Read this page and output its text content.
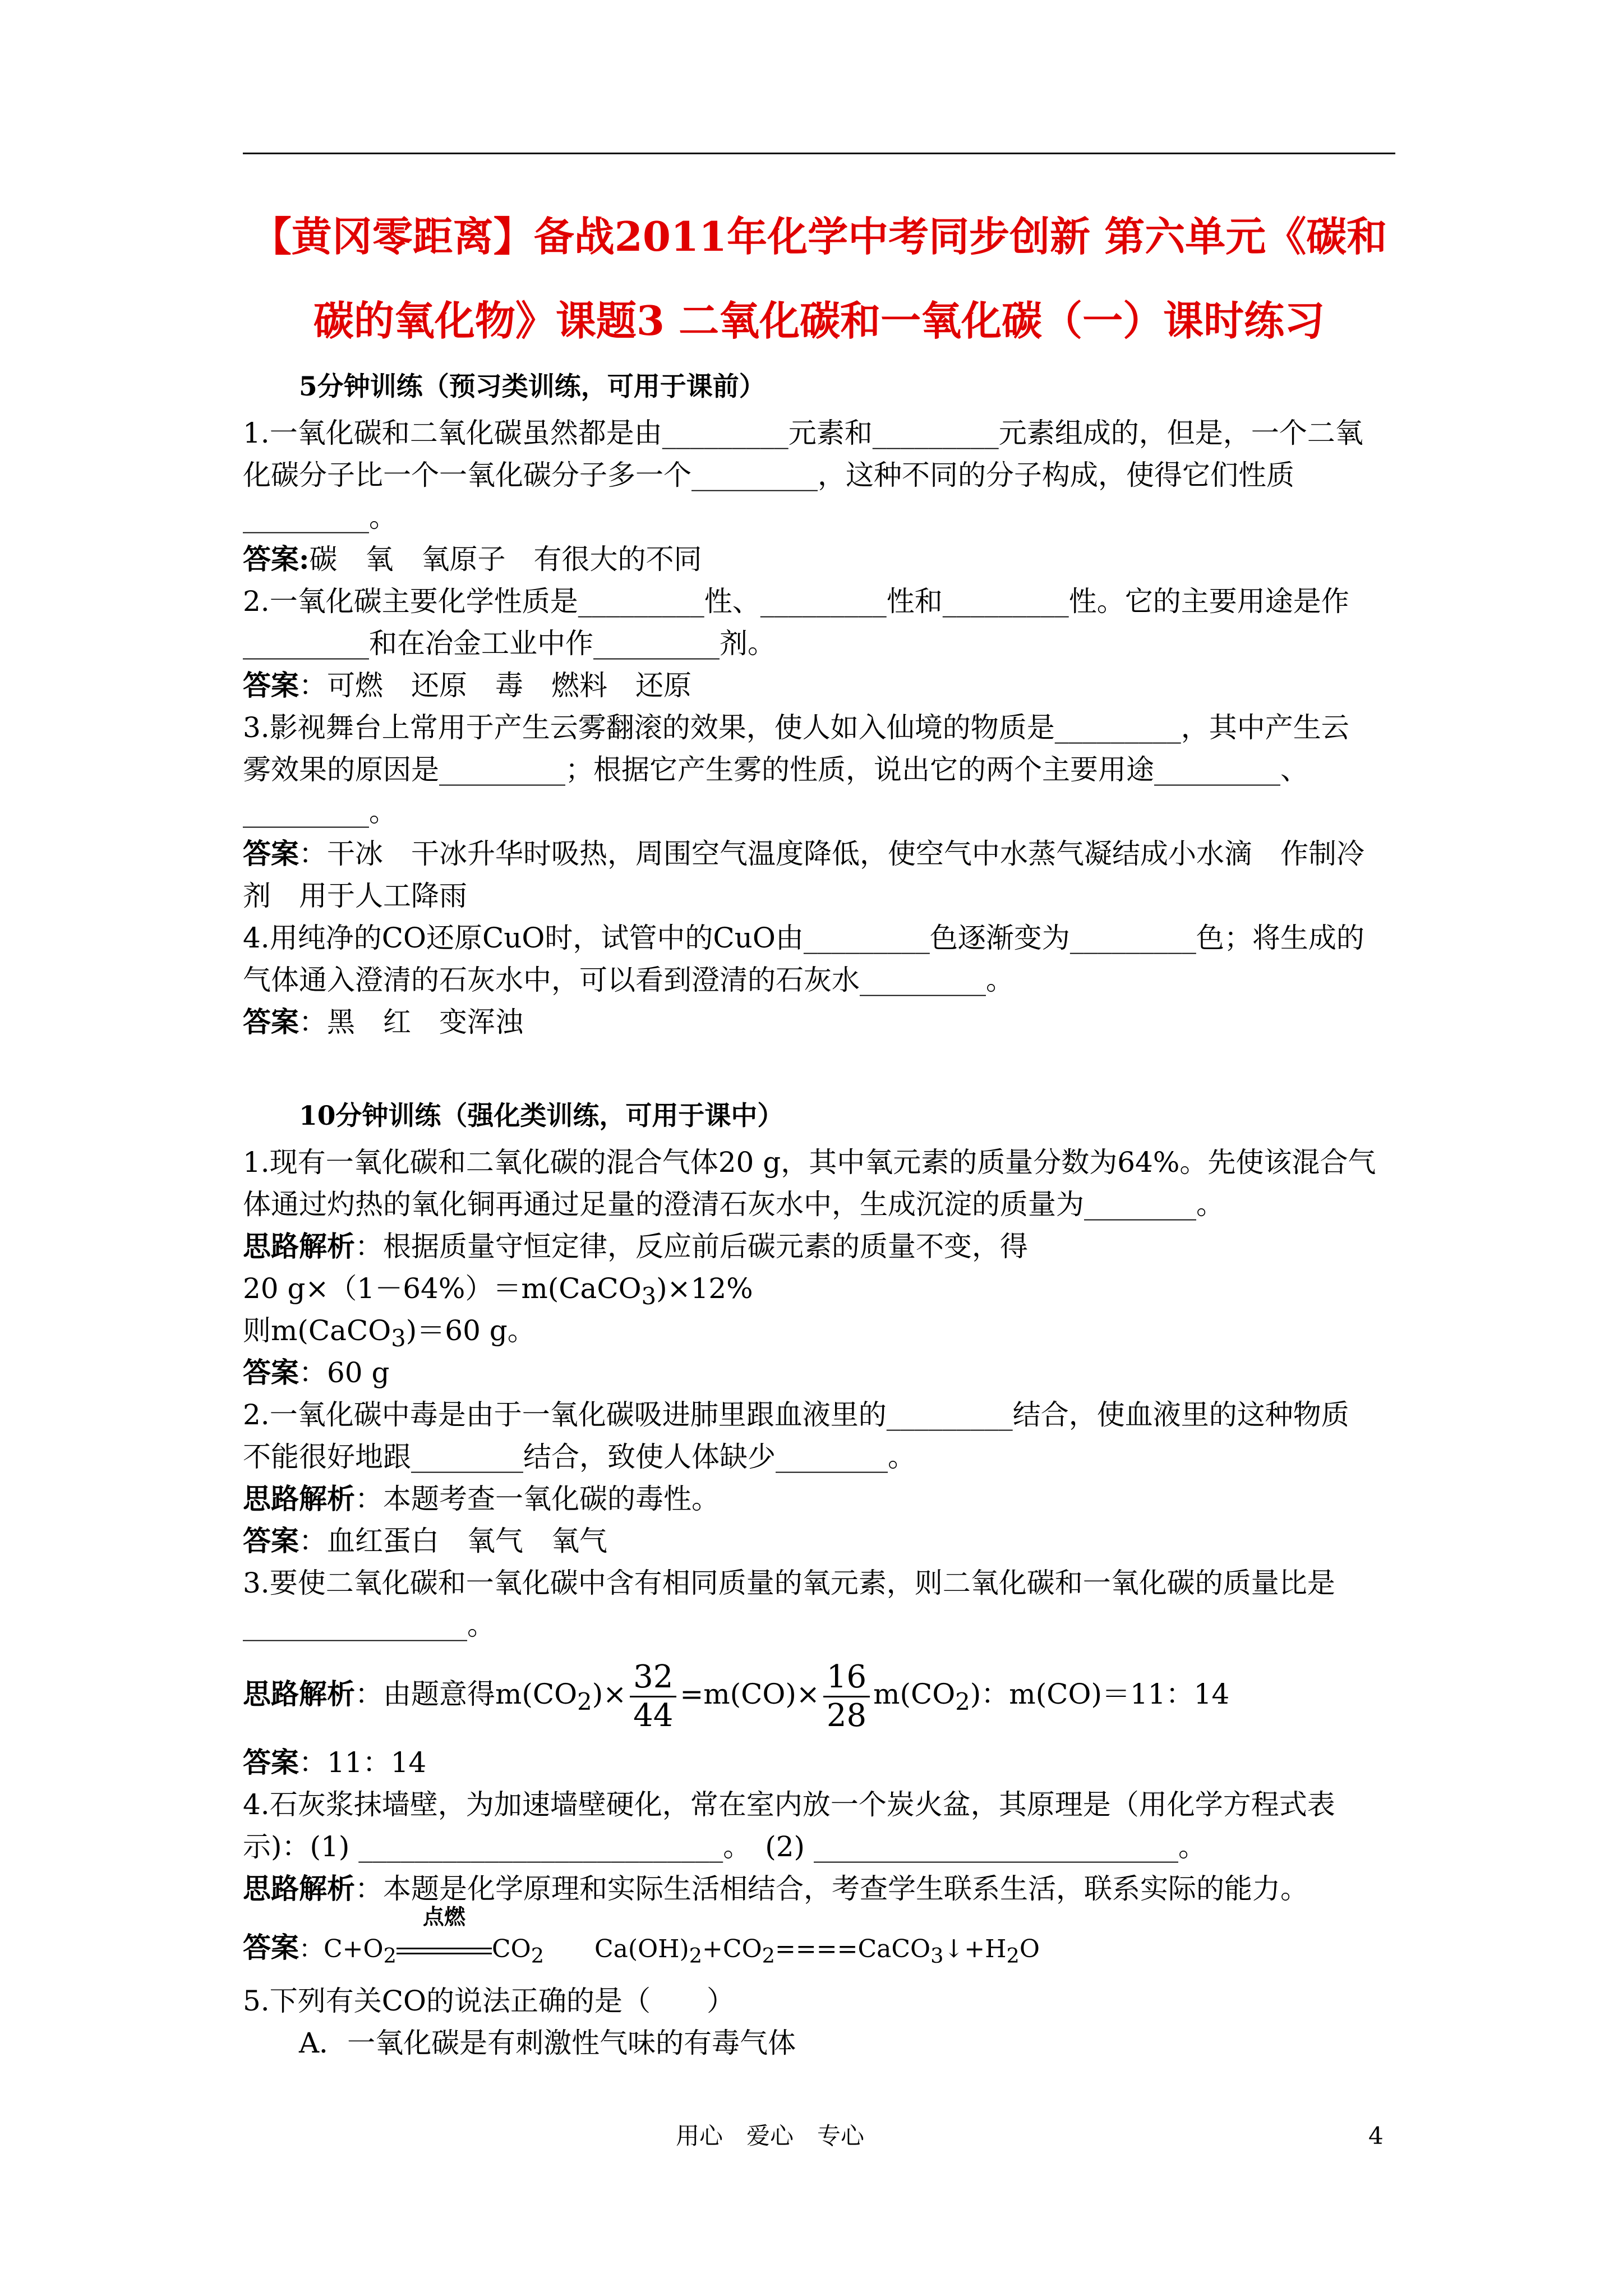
【黄冈零距离】备战2011年化学中考同步创新 第六单元《碳和
碳的氧化物》课题3 二氧化碳和一氧化碳（一）课时练习
5分钟训练（预习类训练，可用于课前）
1.一氧化碳和二氧化碳虽然都是由_________元素和_________元素组成的，但是，一个二氧
化碳分子比一个一氧化碳分子多一个_________，这种不同的分子构成，使得它们性质
_________。
答案:碳　氧　氧原子　有很大的不同
2.一氧化碳主要化学性质是_________性、_________性和_________性。它的主要用途是作
_________和在冶金工业中作_________剂。
答案：可燃　还原　毒　燃料　还原
3.影视舞台上常用于产生云雾翻滚的效果，使人如入仙境的物质是_________，其中产生云
雾效果的原因是_________；根据它产生雾的性质，说出它的两个主要用途_________、
_________。
答案：干冰　干冰升华时吸热，周围空气温度降低，使空气中水蒸气凝结成小水滴　作制冷
剂　用于人工降雨
4.用纯净的CO还原CuO时，试管中的CuO由_________色逐渐变为_________色；将生成的
气体通入澄清的石灰水中，可以看到澄清的石灰水_________。
答案：黑　红　变浑浊
10分钟训练（强化类训练，可用于课中）
1.现有一氧化碳和二氧化碳的混合气体20 g，其中氧元素的质量分数为64%。先使该混合气
体通过灼热的氧化铜再通过足量的澄清石灰水中，生成沉淀的质量为________。
思路解析：根据质量守恒定律，反应前后碳元素的质量不变，得
20 g×（1－64%）＝m(CaCO$_3$)×12%
则m(CaCO$_3$)＝60 g。
答案：60 g
2.一氧化碳中毒是由于一氧化碳吸进肺里跟血液里的_________结合，使血液里的这种物质
不能很好地跟________结合，致使人体缺少________。
思路解析：本题考查一氧化碳的毒性。
答案：血红蛋白　氧气　氧气
3.要使二氧化碳和一氧化碳中含有相同质量的氧元素，则二氧化碳和一氧化碳的质量比是
________________。
思路解析：由题意得$m(CO_2)\times \frac{32}{44} =m(CO)\times \frac{16}{28} m(CO_2)$：m(CO)＝11：14
答案：11：14
4.石灰浆抹墙壁，为加速墙壁硬化，常在室内放一个炭火盆，其原理是（用化学方程式表
示)：(1) __________________________。　(2) __________________________。
思路解析：本题是化学原理和实际生活相结合，考查学生联系生活，联系实际的能力。
答案：$C+O_2$
点燃
$CO_2$ $Ca(OH)_2+CO_2====CaCO_3↓+H_2O$
5.下列有关CO的说法正确的是（　　）
A．一氧化碳是有刺激性气味的有毒气体
用心　爱心　专心	4
